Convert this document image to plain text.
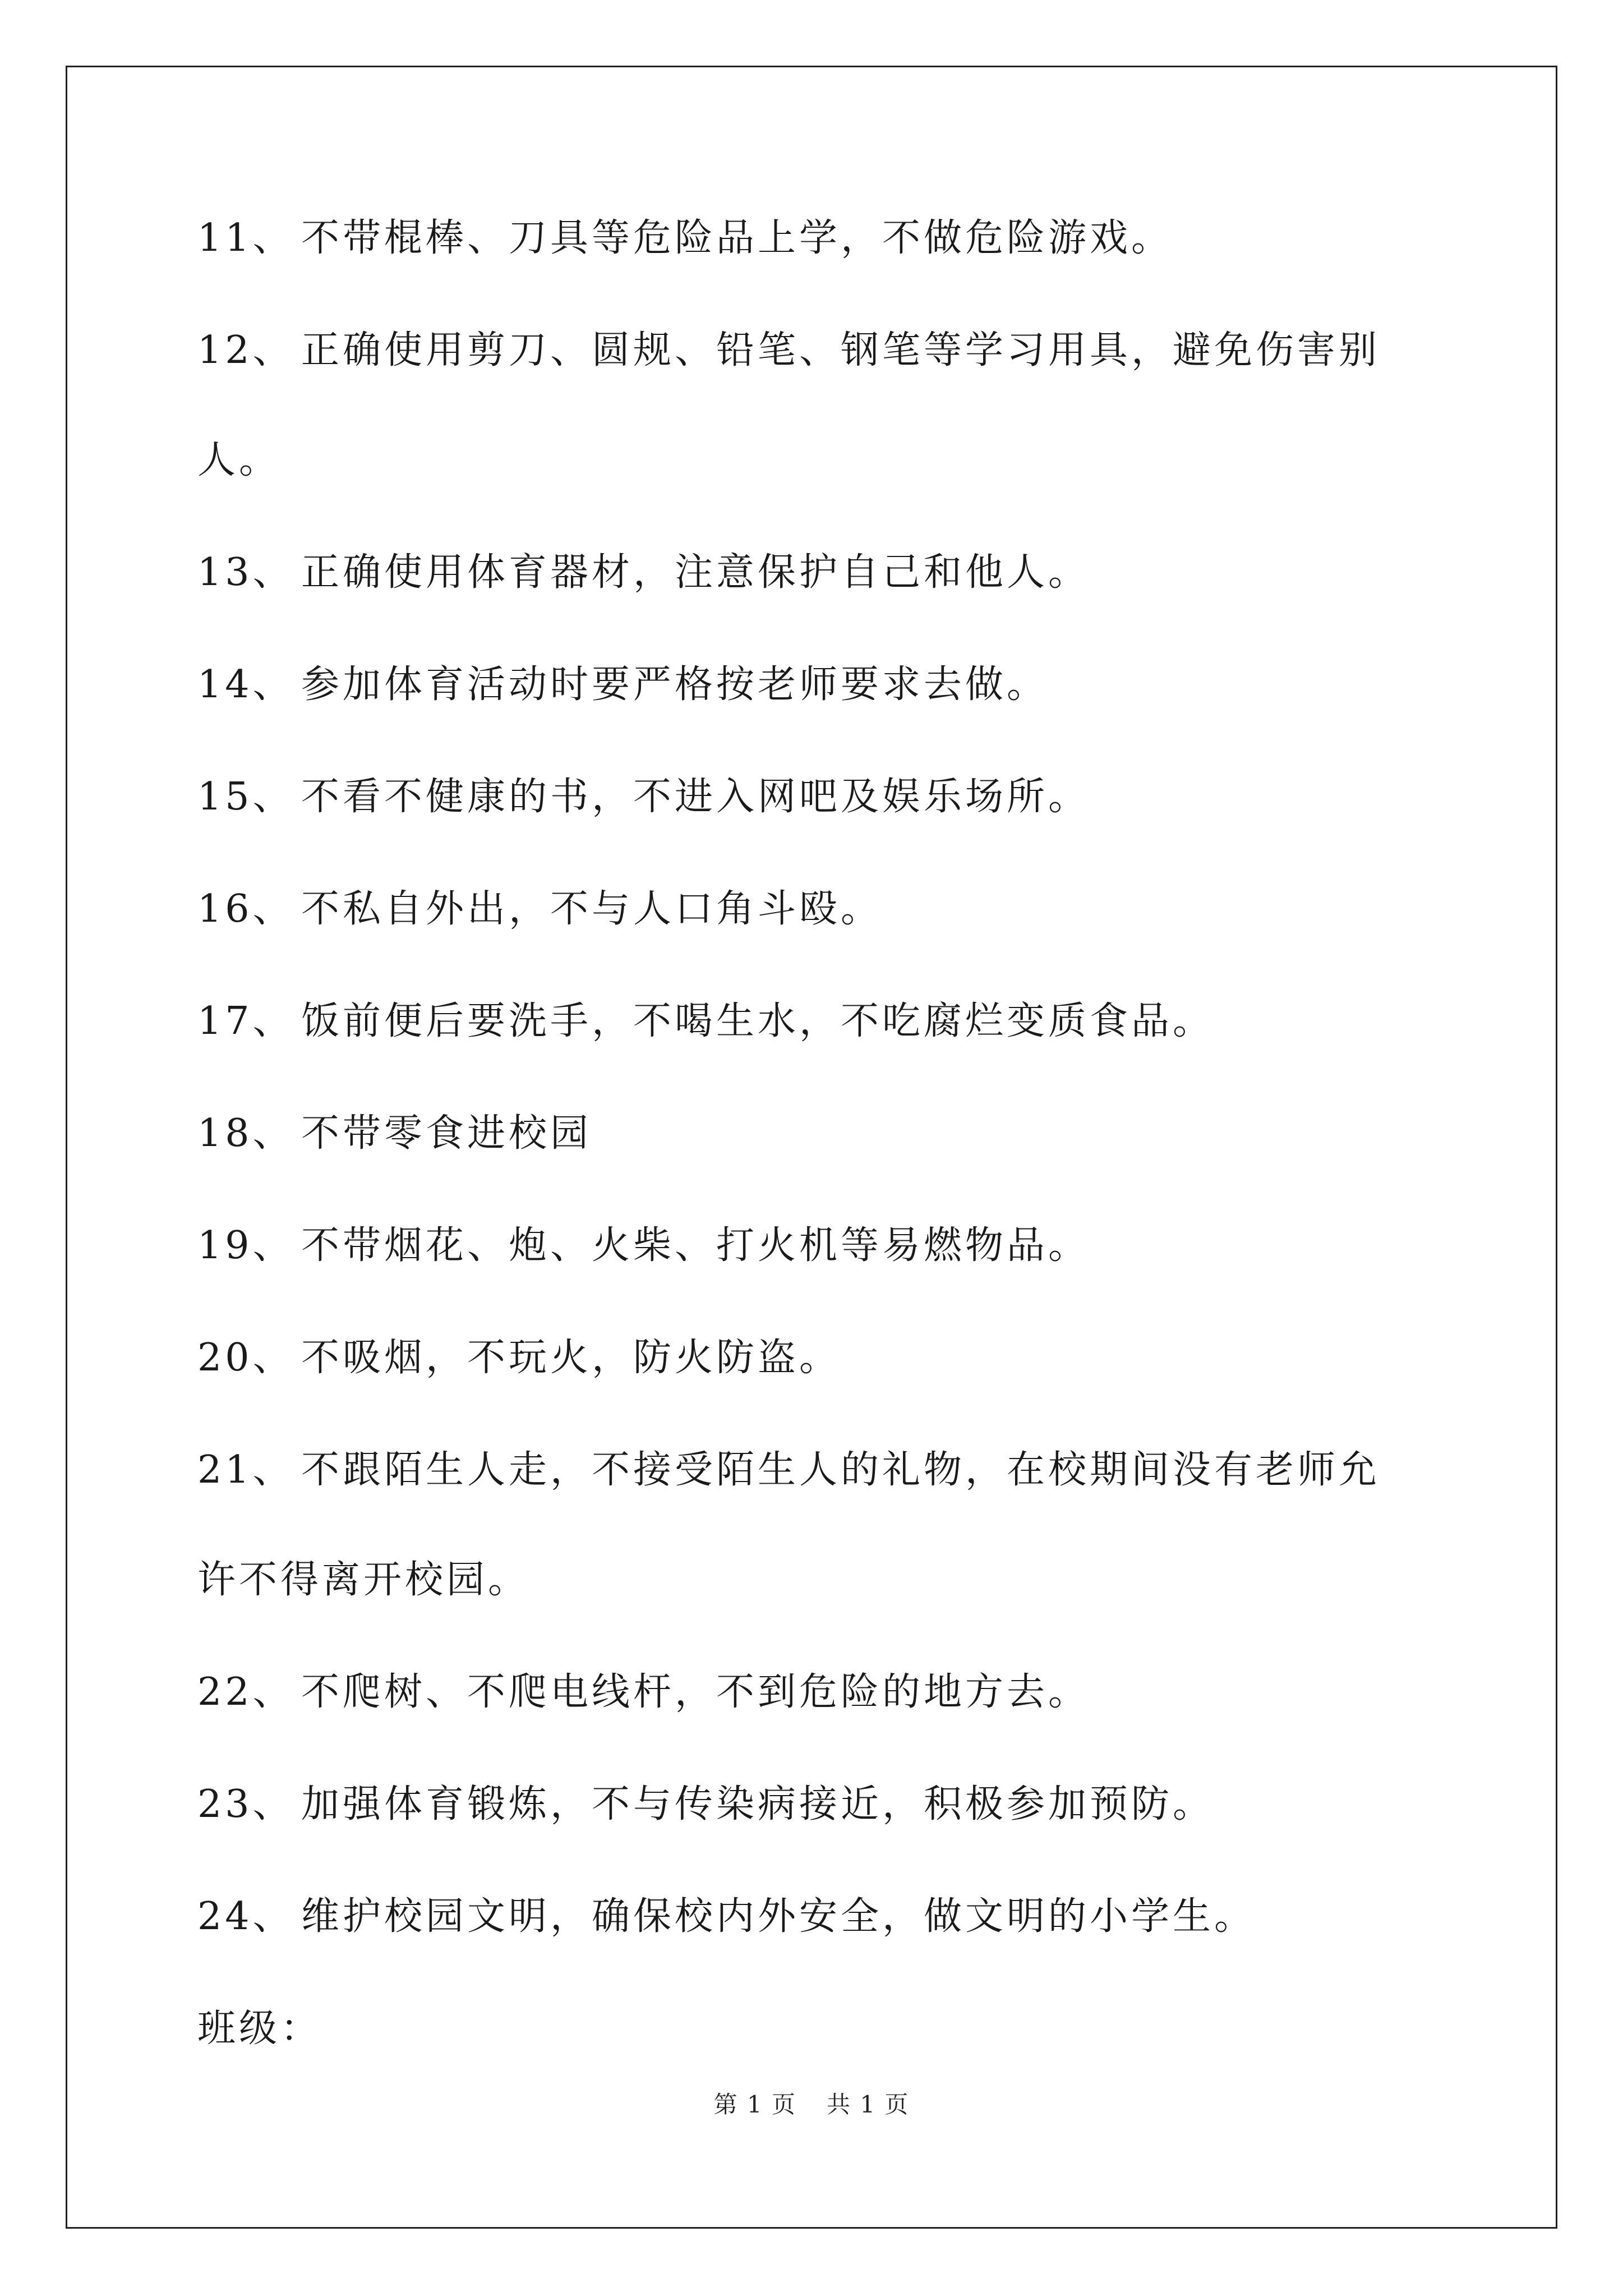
11、 不带棍棒、刀具等危险品上学，不做危险游戏。
12、 正确使用剪刀、圆规、铅笔、钢笔等学习用具，避免伤害别
人。
13、 正确使用体育器材，注意保护自己和他人。
14、 参加体育活动时要严格按老师要求去做。
15、 不看不健康的书，不进入网吧及娱乐场所。
16、 不私自外出，不与人口角斗殴。
17、 饭前便后要洗手，不喝生水，不吃腐烂变质食品。
18、 不带零食进校园
19、 不带烟花、炮、火柴、打火机等易燃物品。
20、 不吸烟，不玩火，防火防盗。
21、 不跟陌生人走，不接受陌生人的礼物，在校期间没有老师允
许不得离开校园。
22、 不爬树、不爬电线杆，不到危险的地方去。
23、 加强体育锻炼，不与传染病接近，积极参加预防。
24、 维护校园文明，确保校内外安全，做文明的小学生。
班级：
第 1 页 共 1 页
